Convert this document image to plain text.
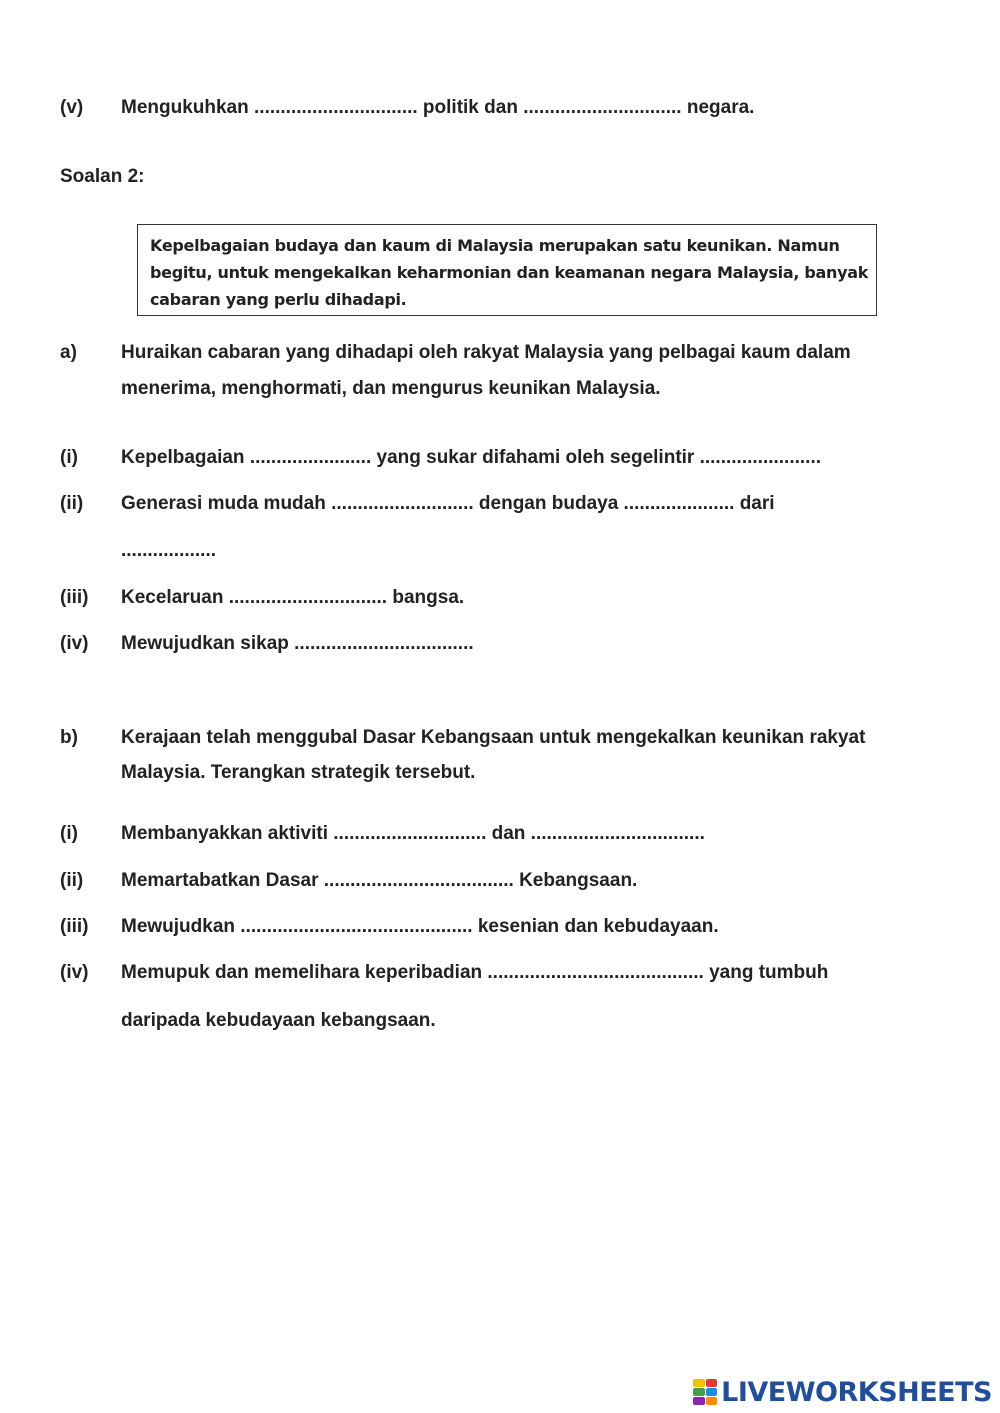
(v) Mengukuhkan ............................... politik dan .............................. negara.
Soalan 2:
Kepelbagaian budaya dan kaum di Malaysia merupakan satu keunikan. Namun
begitu, untuk mengekalkan keharmonian dan keamanan negara Malaysia, banyak
cabaran yang perlu dihadapi.
a) Huraikan cabaran yang dihadapi oleh rakyat Malaysia yang pelbagai kaum dalam
menerima, menghormati, dan mengurus keunikan Malaysia.
(i) Kepelbagaian ....................... yang sukar difahami oleh segelintir .......................
(ii) Generasi muda mudah ........................... dengan budaya ..................... dari
..................
(iii) Kecelaruan .............................. bangsa.
(iv) Mewujudkan sikap ..................................
b) Kerajaan telah menggubal Dasar Kebangsaan untuk mengekalkan keunikan rakyat
Malaysia. Terangkan strategik tersebut.
(i) Membanyakkan aktiviti ............................. dan .................................
(ii) Memartabatkan Dasar .................................... Kebangsaan.
(iii) Mewujudkan ............................................ kesenian dan kebudayaan.
(iv) Memupuk dan memelihara keperibadian ......................................... yang tumbuh
daripada kebudayaan kebangsaan.
LIVEWORKSHEETS
